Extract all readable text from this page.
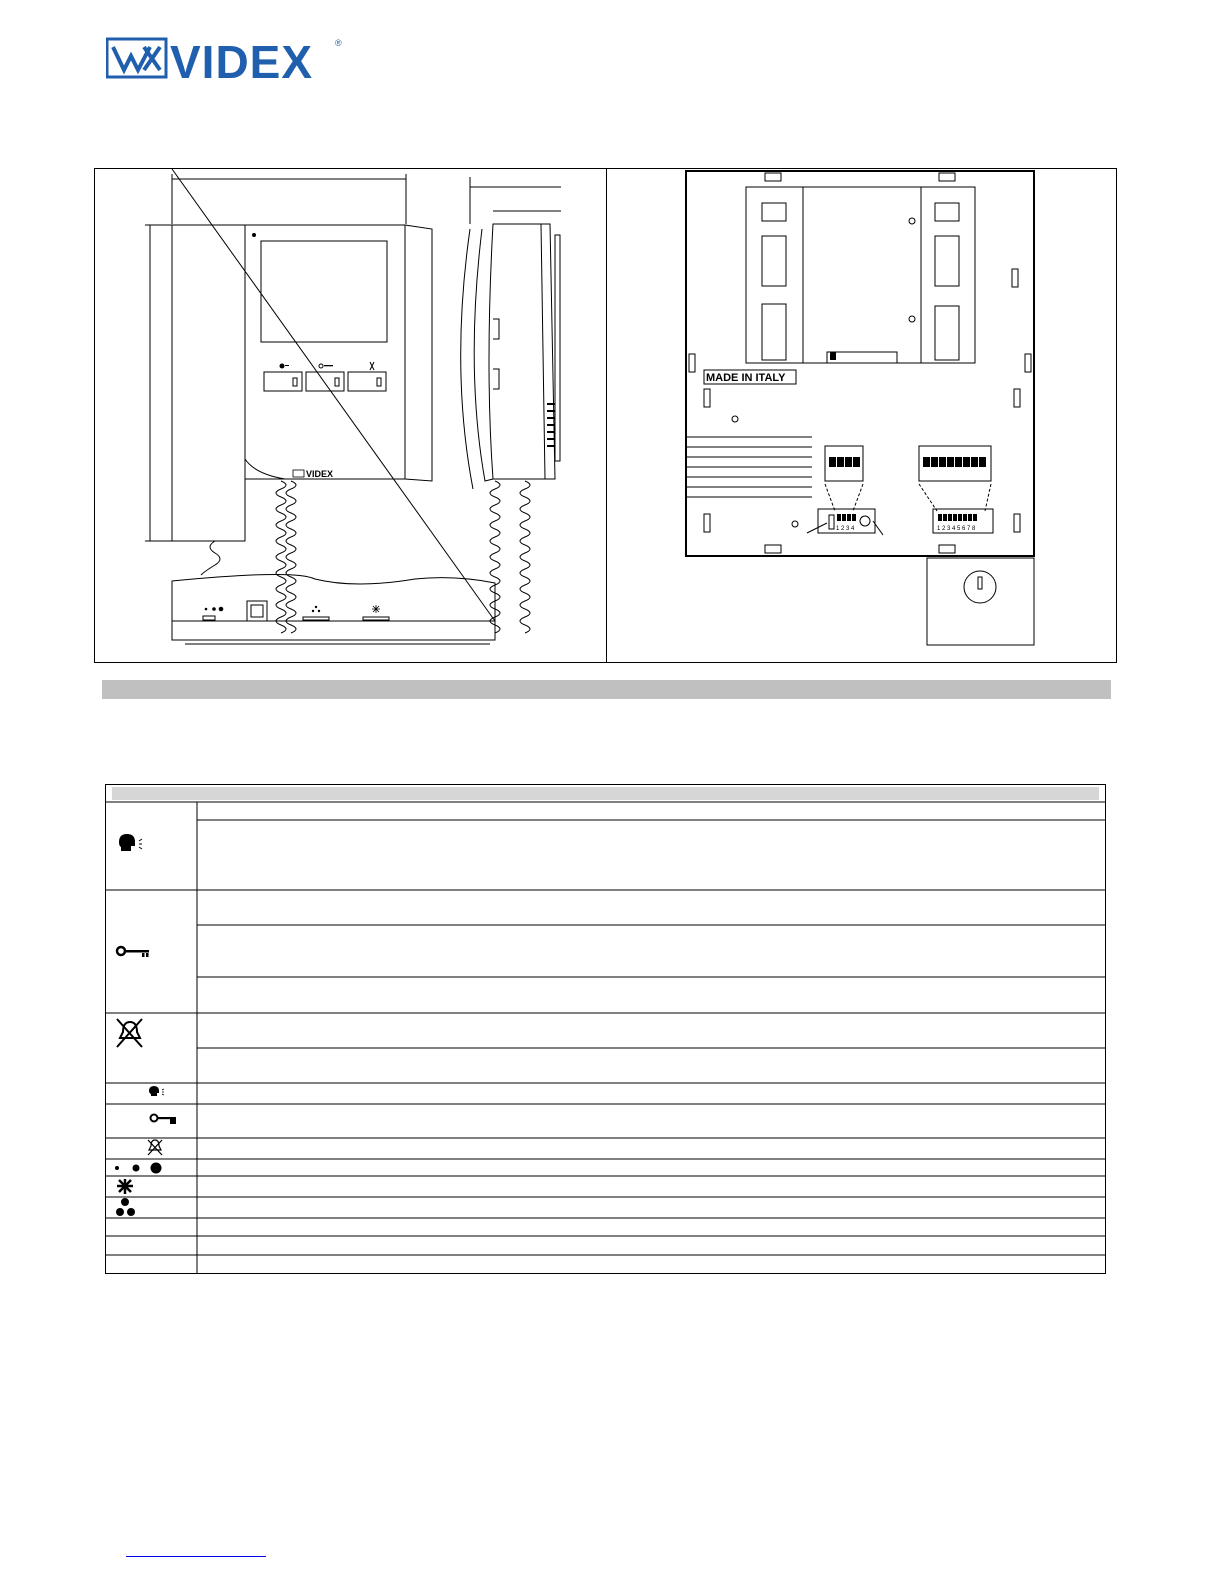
VIDEX ®
VIDEX
MADE IN ITALY
1 2 3 4	1 2 3 4 5 6 7 8
